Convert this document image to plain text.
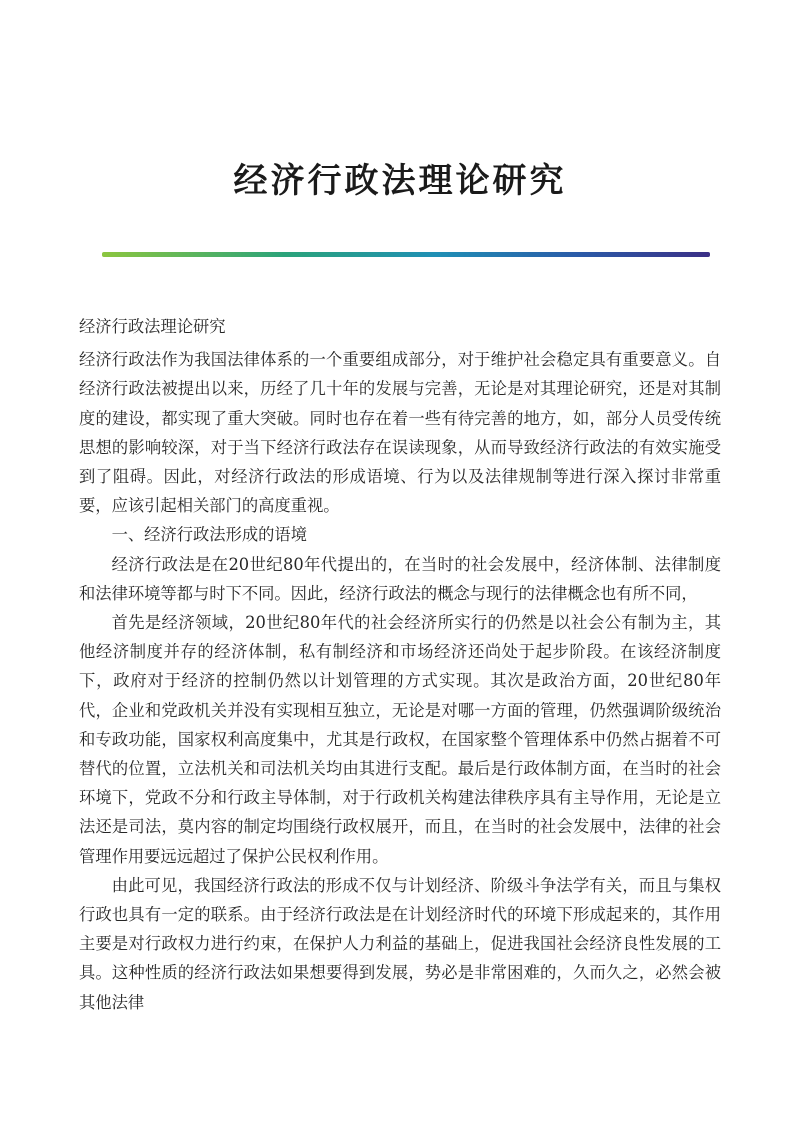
经济行政法理论研究

经济行政法理论研究

经济行政法作为我国法律体系的一个重要组成部分，对于维护社会稳定具有重要意义。自经济行政法被提出以来，历经了几十年的发展与完善，无论是对其理论研究，还是对其制度的建设，都实现了重大突破。同时也存在着一些有待完善的地方，如，部分人员受传统思想的影响较深，对于当下经济行政法存在误读现象，从而导致经济行政法的有效实施受到了阻碍。因此，对经济行政法的形成语境、行为以及法律规制等进行深入探讨非常重要，应该引起相关部门的高度重视。

一、经济行政法形成的语境

经济行政法是在20世纪80年代提出的，在当时的社会发展中，经济体制、法律制度和法律环境等都与时下不同。因此，经济行政法的概念与现行的法律概念也有所不同，

首先是经济领域，20世纪80年代的社会经济所实行的仍然是以社会公有制为主，其他经济制度并存的经济体制，私有制经济和市场经济还尚处于起步阶段。在该经济制度下，政府对于经济的控制仍然以计划管理的方式实现。其次是政治方面，20世纪80年代，企业和党政机关并没有实现相互独立，无论是对哪一方面的管理，仍然强调阶级统治和专政功能，国家权利高度集中，尤其是行政权，在国家整个管理体系中仍然占据着不可替代的位置，立法机关和司法机关均由其进行支配。最后是行政体制方面，在当时的社会环境下，党政不分和行政主导体制，对于行政机关构建法律秩序具有主导作用，无论是立法还是司法，莫内容的制定均围绕行政权展开，而且，在当时的社会发展中，法律的社会管理作用要远远超过了保护公民权利作用。

由此可见，我国经济行政法的形成不仅与计划经济、阶级斗争法学有关，而且与集权行政也具有一定的联系。由于经济行政法是在计划经济时代的环境下形成起来的，其作用主要是对行政权力进行约束，在保护人力利益的基础上，促进我国社会经济良性发展的工具。这种性质的经济行政法如果想要得到发展，势必是非常困难的，久而久之，必然会被其他法律
